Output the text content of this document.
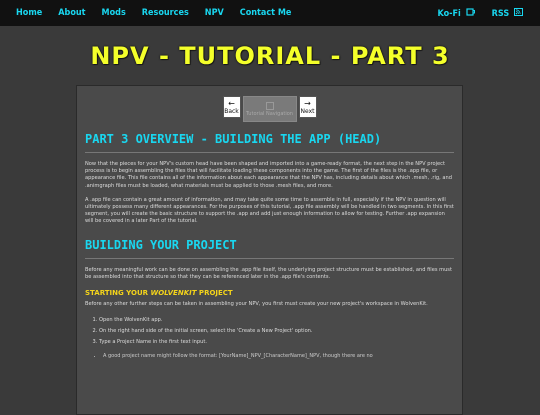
Home	About	Mods	Resources	NPV	Contact Me	Ko-Fi	RSS
NPV - TUTORIAL - PART 3
←
Back Tutorial Navigation
→
Next
PART 3 OVERVIEW - BUILDING THE APP (HEAD)

Now that the pieces for your NPV's custom head have been shaped and imported into a game-ready format, the next step in the NPV project process is to begin assembling the files that will facilitate loading these components into the game. The first of the files is the .app file, or appearance file. This file contains all of the information about each appearance that the NPV has, including details about which .mesh, .rig, and .animgraph files must be loaded, what materials must be applied to those .mesh files, and more.

A .app file can contain a great amount of information, and may take quite some time to assemble in full, especially if the NPV in question will ultimately possess many different appearances. For the purposes of this tutorial, .app file assembly will be handled in two segments. In this first segment, you will create the basic structure to support the .app and add just enough information to allow for testing. Further .app expansion will be covered in a later Part of the tutorial.

BUILDING YOUR PROJECT

Before any meaningful work can be done on assembling the .app file itself, the underlying project structure must be established, and files must be assembled into that structure so that they can be referenced later in the .app file's contents.

STARTING YOUR WOLVENKIT PROJECT

Before any other further steps can be taken in assembling your NPV, you first must create your new project's workspace in WolvenKit.

1. Open the WolvenKit app.
2. On the right hand side of the initial screen, select the 'Create a New Project' option.
3. Type a Project Name in the first text input.
• A good project name might follow the format: [YourName]_NPV_[CharacterName]_NPV, though there are no
